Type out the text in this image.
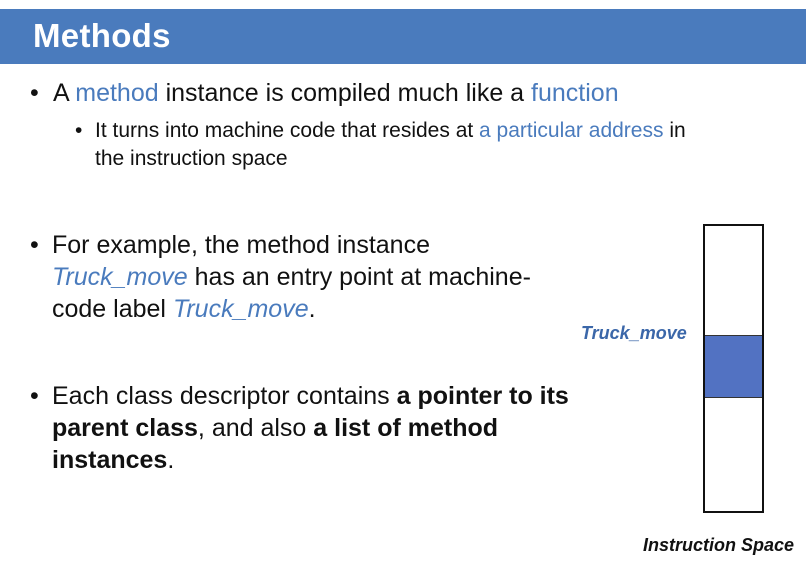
Methods
• A method instance is compiled much like a function
• It turns into machine code that resides at a particular address in the instruction space
• For example, the method instance Truck_move has an entry point at machine-code label Truck_move.
• Each class descriptor contains a pointer to its parent class, and also a list of method instances.
Truck_move
Instruction Space
